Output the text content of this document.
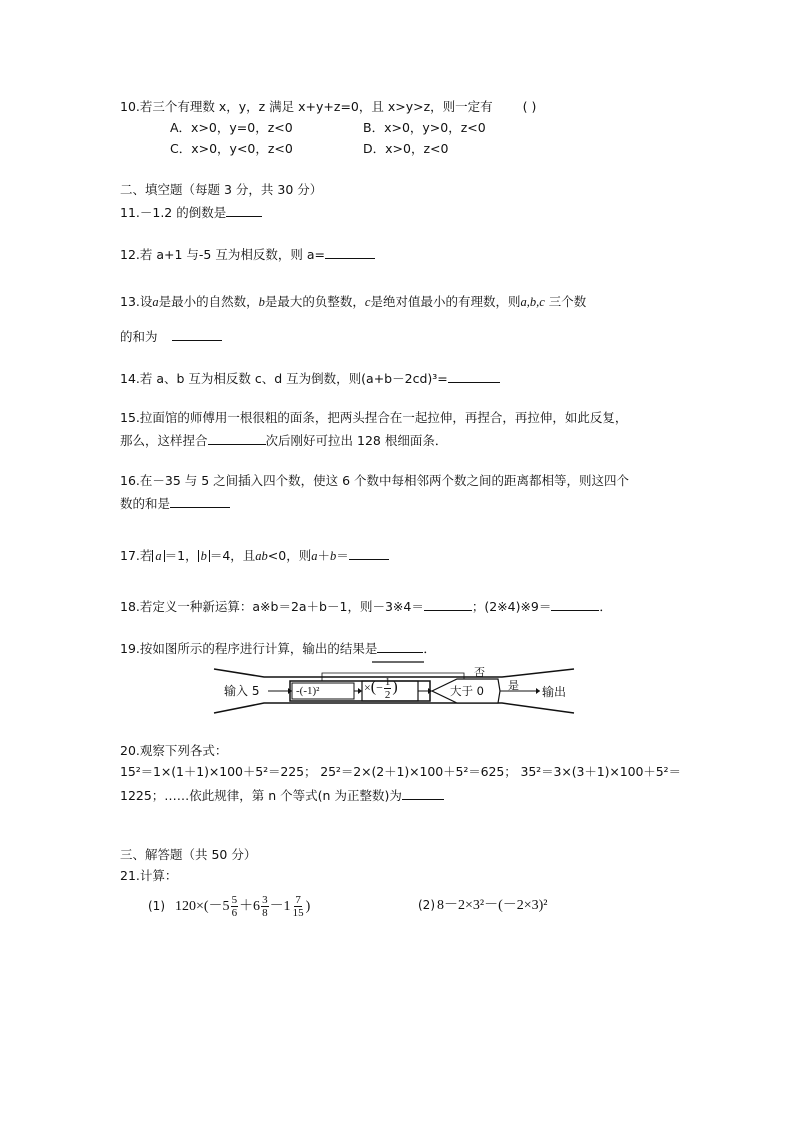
10.若三个有理数 x，y，z 满足 x+y+z=0，且 x>y>z，则一定有 ( )
A．x>0，y=0，z<0	B．x>0，y>0，z<0
C．x>0，y<0，z<0	D．x>0，z<0
二、填空题（每题 3 分，共 30 分）
11.－1.2 的倒数是
12.若 a+1 与-5 互为相反数，则 a=
13.设a是最小的自然数，b是最大的负整数，c是绝对值最小的有理数，则a,b,c 三个数
的和为
14.若 a、b 互为相反数 c、d 互为倒数，则(a+b－2cd)³=
15.拉面馆的师傅用一根很粗的面条，把两头捏合在一起拉伸，再捏合，再拉伸，如此反复，
那么，这样捏合	次后刚好可拉出 128 根细面条．
16.在－35 与 5 之间插入四个数，使这 6 个数中每相邻两个数之间的距离都相等，则这四个
数的和是
17.若 a ＝1， b ＝4，且ab<0，则a＋b＝
18.若定义一种新运算：a※b＝2a＋b－1，则－3※4＝	；(2※4)※9＝	．
19.按如图所示的程序进行计算，输出的结果是	．
输入 5	-(-1)²	×(− $\frac{1}{2}$ )	大于 0
否
是 输出
20.观察下列各式：
15²＝1×(1＋1)×100＋5²＝225； 25²＝2×(2＋1)×100＋5²＝625； 35²＝3×(3＋1)×100＋5²＝
1225；……依此规律，第 n 个等式(n 为正整数)为
三、解答题（共 50 分）
21.计算：
(1) $120\times(-5 \frac{5}{6} +6 \frac{3}{8} -1 \frac{7}{15}$ )	(2) 8－2×3²－(－2×3)²
